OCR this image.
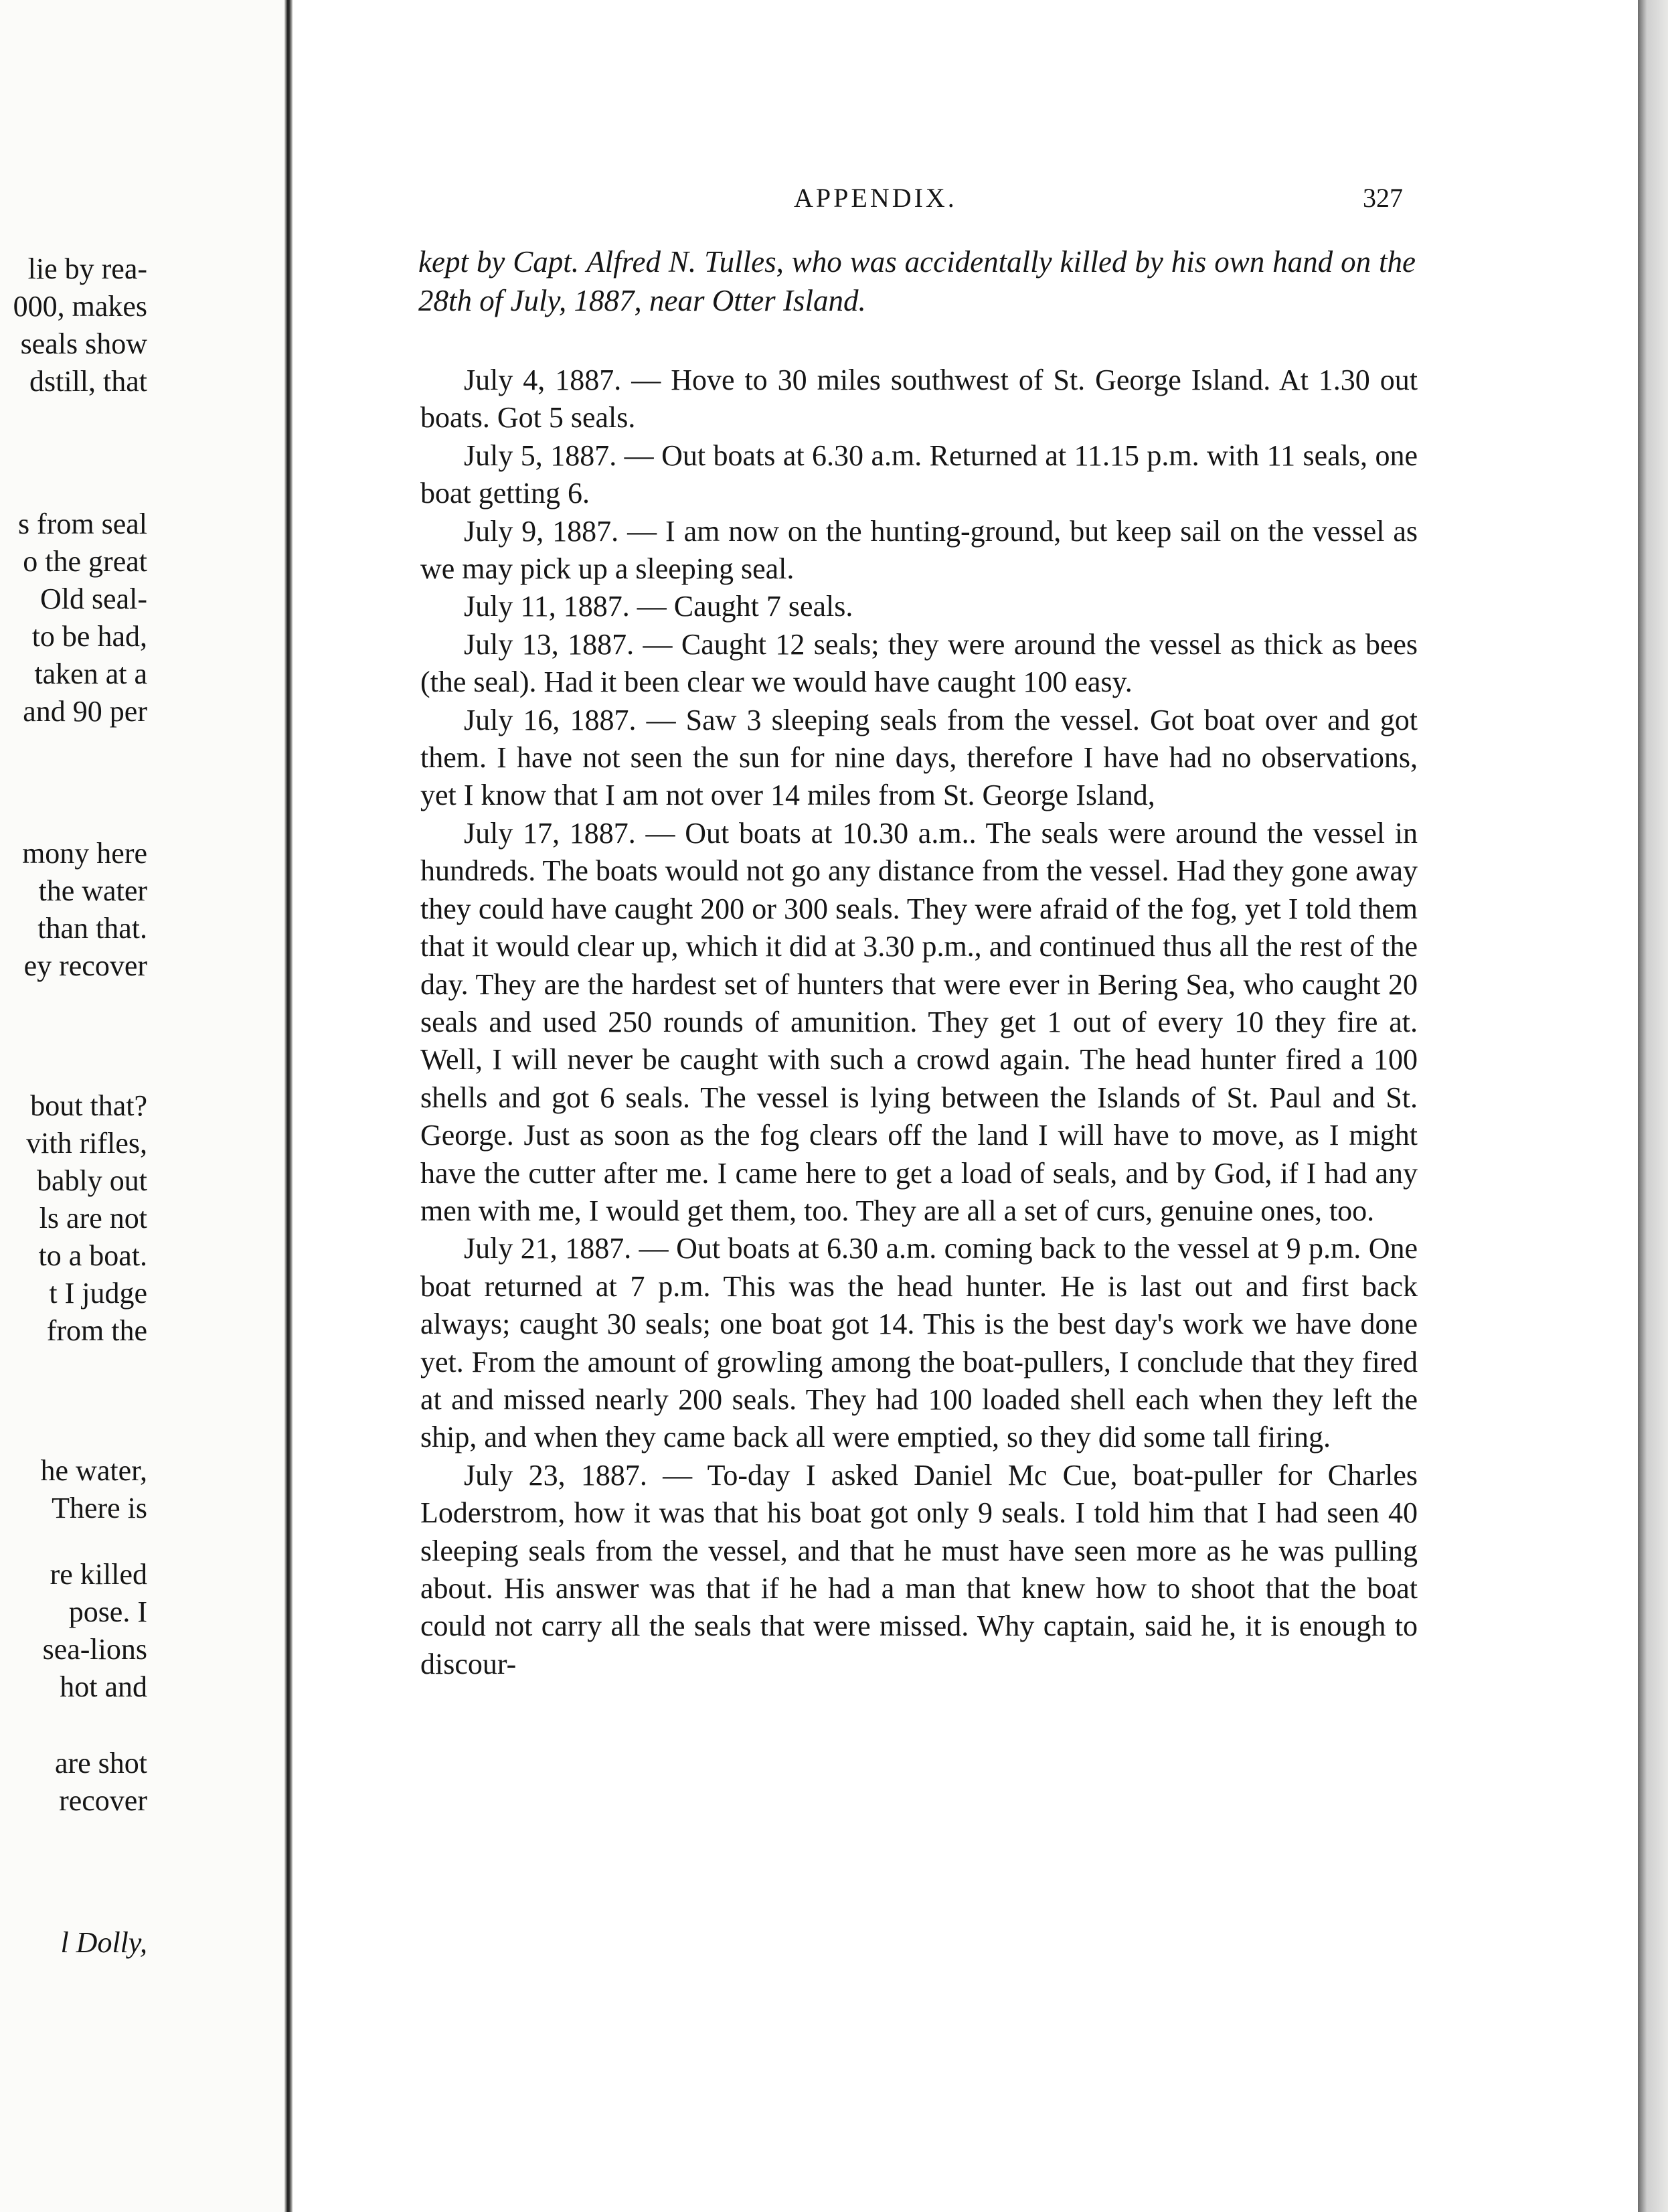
lie by rea-

000, makes

seals show

dstill, that

s from seal

o the great

Old seal-

to be had,

taken at a

and 90 per

mony here

the water

than that.

ey recover

bout that?

vith rifles,

bably out

ls are not

to a boat.

t I judge

from the

he water,

There is

re killed

pose. I

sea-lions

hot and

are shot

recover

l Dolly,

APPENDIX.	327

kept by Capt. Alfred N. Tulles, who was accidentally killed by his own hand on the 28th of July, 1887, near Otter Island.

July 4, 1887. — Hove to 30 miles southwest of St. George Island. At 1.30 out boats. Got 5 seals.

July 5, 1887. — Out boats at 6.30 a.m. Returned at 11.15 p.m. with 11 seals, one boat getting 6.

July 9, 1887. — I am now on the hunting-ground, but keep sail on the vessel as we may pick up a sleeping seal.

July 11, 1887. — Caught 7 seals.

July 13, 1887. — Caught 12 seals; they were around the vessel as thick as bees (the seal). Had it been clear we would have caught 100 easy.

July 16, 1887. — Saw 3 sleeping seals from the vessel. Got boat over and got them. I have not seen the sun for nine days, therefore I have had no observations, yet I know that I am not over 14 miles from St. George Island,

July 17, 1887. — Out boats at 10.30 a.m.. The seals were around the vessel in hundreds. The boats would not go any distance from the vessel. Had they gone away they could have caught 200 or 300 seals. They were afraid of the fog, yet I told them that it would clear up, which it did at 3.30 p.m., and continued thus all the rest of the day. They are the hardest set of hunters that were ever in Bering Sea, who caught 20 seals and used 250 rounds of amunition. They get 1 out of every 10 they fire at. Well, I will never be caught with such a crowd again. The head hunter fired a 100 shells and got 6 seals. The vessel is lying between the Islands of St. Paul and St. George. Just as soon as the fog clears off the land I will have to move, as I might have the cutter after me. I came here to get a load of seals, and by God, if I had any men with me, I would get them, too. They are all a set of curs, genuine ones, too.

July 21, 1887. — Out boats at 6.30 a.m. coming back to the vessel at 9 p.m. One boat returned at 7 p.m. This was the head hunter. He is last out and first back always; caught 30 seals; one boat got 14. This is the best day's work we have done yet. From the amount of growling among the boat-pullers, I conclude that they fired at and missed nearly 200 seals. They had 100 loaded shell each when they left the ship, and when they came back all were emptied, so they did some tall firing.

July 23, 1887. — To-day I asked Daniel Mc Cue, boat-puller for Charles Loderstrom, how it was that his boat got only 9 seals. I told him that I had seen 40 sleeping seals from the vessel, and that he must have seen more as he was pulling about. His answer was that if he had a man that knew how to shoot that the boat could not carry all the seals that were missed. Why captain, said he, it is enough to discour-
